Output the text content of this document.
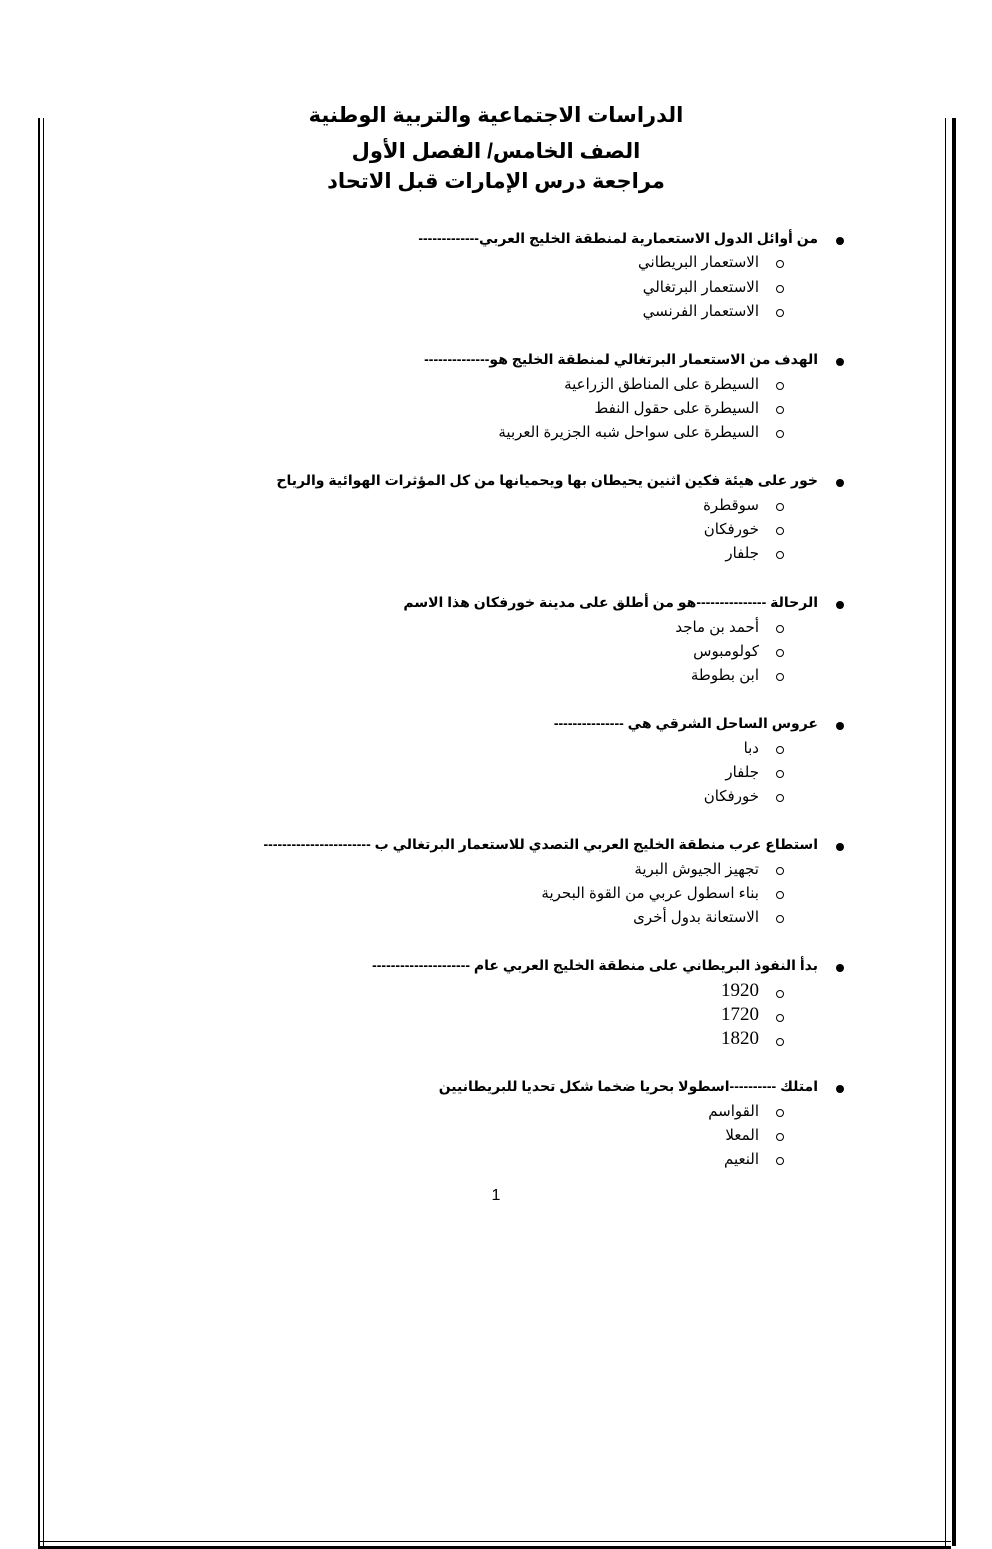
الدراسات الاجتماعية والتربية الوطنية
الصف الخامس/ الفصل الأول
مراجعة درس الإمارات قبل الاتحاد
من أوائل الدول الاستعمارية لمنطقة الخليج العربي-------------
الاستعمار البريطاني
الاستعمار البرتغالي
الاستعمار الفرنسي
الهدف من الاستعمار البرتغالي لمنطقة الخليج هو--------------
السيطرة على المناطق الزراعية
السيطرة على حقول النفط
السيطرة على سواحل شبه الجزيرة العربية
خور على هيئة فكين اثنين يحيطان بها ويحميانها من كل المؤثرات الهوائية والرياح
سوقطرة
خورفكان
جلفار
الرحالة ---------------هو من أطلق على مدينة خورفكان هذا الاسم
أحمد بن ماجد
كولومبوس
ابن بطوطة
عروس الساحل الشرقي هي ---------------
دبا
جلفار
خورفكان
استطاع عرب منطقة الخليج العربي التصدي للاستعمار البرتغالي ب -----------------------
تجهيز الجيوش البرية
بناء اسطول عربي من القوة البحرية
الاستعانة بدول أخرى
بدأ النفوذ البريطاني على منطقة الخليج العربي عام ---------------------
1920
1720
1820
امتلك ----------اسطولا بحريا ضخما شكل تحديا للبريطانيين
القواسم
المعلا
النعيم
1
